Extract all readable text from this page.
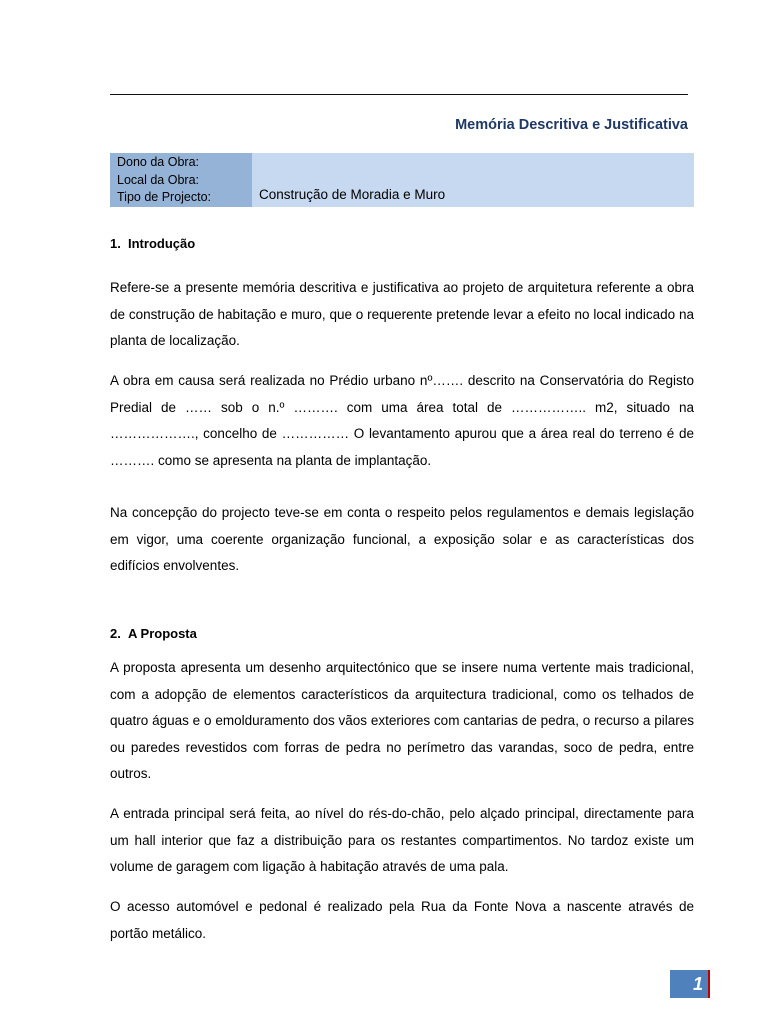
Memória Descritiva e Justificativa
Dono da Obra:
Local da Obra:
Tipo de Projecto:	Construção de Moradia e Muro
1. Introdução

Refere-se a presente memória descritiva e justificativa ao projeto de arquitetura referente a obra de construção de habitação e muro, que o requerente pretende levar a efeito no local indicado na planta de localização.

A obra em causa será realizada no Prédio urbano nº……. descrito na Conservatória do Registo Predial de …… sob o n.º ………. com uma área total de …………….. m2, situado na ………………., concelho de …………… O levantamento apurou que a área real do terreno é de ………. como se apresenta na planta de implantação.

Na concepção do projecto teve-se em conta o respeito pelos regulamentos e demais legislação em vigor, uma coerente organização funcional, a exposição solar e as características dos edifícios envolventes.

2. A Proposta

A proposta apresenta um desenho arquitectónico que se insere numa vertente mais tradicional, com a adopção de elementos característicos da arquitectura tradicional, como os telhados de quatro águas e o emolduramento dos vãos exteriores com cantarias de pedra, o recurso a pilares ou paredes revestidos com forras de pedra no perímetro das varandas, soco de pedra, entre outros.

A entrada principal será feita, ao nível do rés-do-chão, pelo alçado principal, directamente para um hall interior que faz a distribuição para os restantes compartimentos. No tardoz existe um volume de garagem com ligação à habitação através de uma pala.

O acesso automóvel e pedonal é realizado pela Rua da Fonte Nova a nascente através de portão metálico.

1
